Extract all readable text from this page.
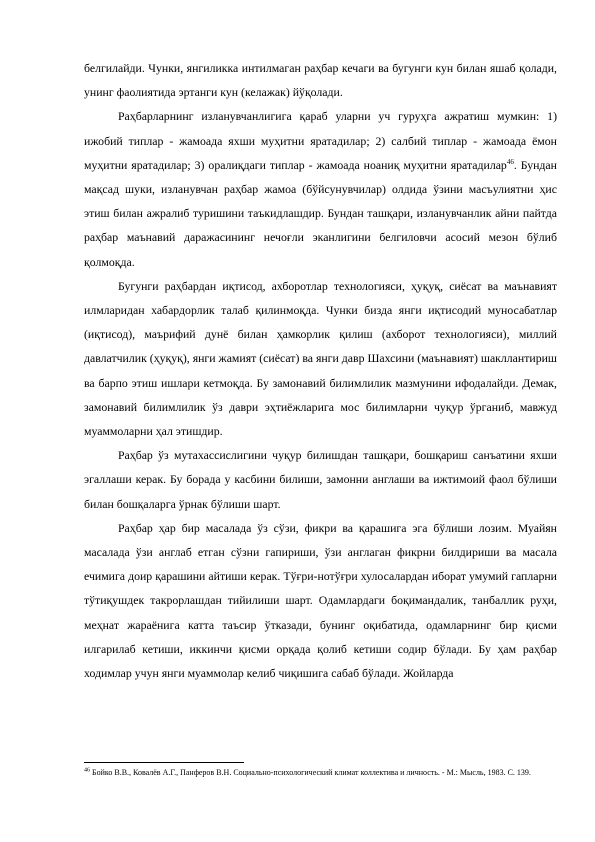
белгилайди. Чунки, янгиликка интилмаган раҳбар кечаги ва бугунги кун билан яшаб қолади, унинг фаолиятида эртанги кун (келажак) йўқолади.

Раҳбарларнинг изланувчанлигига қараб уларни уч гуруҳга ажратиш мумкин: 1) ижобий типлар - жамоада яхши муҳитни яратадилар; 2) салбий типлар - жамоада ёмон муҳитни яратадилар; 3) оралиқдаги типлар - жамоада ноаниқ муҳитни яратадилар$^{46}$. Бундан мақсад шуки, изланувчан раҳбар жамоа (бўйсунувчилар) олдида ўзини масъулиятни ҳис этиш билан ажралиб туришини таъкидлашдир. Бундан ташқари, изланувчанлик айни пайтда раҳбар маънавий даражасининг нечоғли эканлигини белгиловчи асосий мезон бўлиб қолмоқда.

Бугунги раҳбардан иқтисод, ахборотлар технологияси, ҳуқуқ, сиёсат ва маънавият илмларидан хабардорлик талаб қилинмоқда. Чунки бизда янги иқтисодий муносабатлар (иқтисод), маърифий дунё билан ҳамкорлик қилиш (ахборот технологияси), миллий давлатчилик (ҳуқуқ), янги жамият (сиёсат) ва янги давр Шахсини (маънавият) шакллантириш ва барпо этиш ишлари кетмоқда. Бу замонавий билимлилик мазмунини ифодалайди. Демак, замонавий билимлилик ўз даври эҳтиёжларига мос билимларни чуқур ўрганиб, мавжуд муаммоларни ҳал этишдир.

Раҳбар ўз мутахассислигини чуқур билишдан ташқари, бошқариш санъатини яхши эгаллаши керак. Бу борада у касбини билиши, замонни англаши ва ижтимоий фаол бўлиши билан бошқаларга ўрнак бўлиши шарт.

Раҳбар ҳар бир масалада ўз сўзи, фикри ва қарашига эга бўлиши лозим. Муайян масалада ўзи англаб етган сўзни гапириши, ўзи англаган фикрни билдириши ва масала ечимига доир қарашини айтиши керак. Тўғри-нотўғри хулосалардан иборат умумий гапларни тўтиқушдек такрорлашдан тийилиши шарт. Одамлардаги боқимандалик, танбаллик руҳи, меҳнат жараёнига катта таъсир ўтказади, бунинг оқибатида, одамларнинг бир қисми илгарилаб кетиши, иккинчи қисми орқада қолиб кетиши содир бўлади. Бу ҳам раҳбар ходимлар учун янги муаммолар келиб чиқишига сабаб бўлади. Жойларда

$^{46}$ Бойко В.В., Ковалёв А.Г., Панферов В.Н. Социально-психологический климат коллектива и личность. - М.: Мысль, 1983. С. 139.
